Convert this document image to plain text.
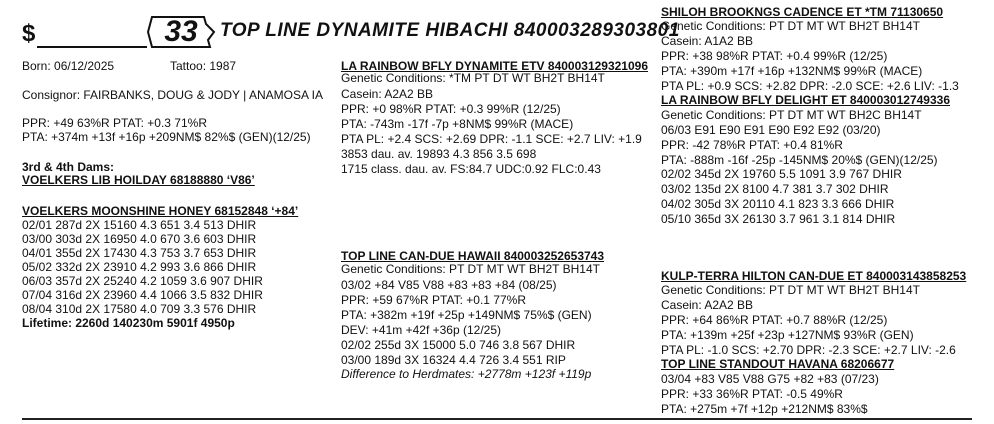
$	33	TOP LINE DYNAMITE HIBACHI 840003289303801
Born: 06/12/2025	Tattoo: 1987
Consignor: FAIRBANKS, DOUG & JODY | ANAMOSA IA
PPR: +49 63%R PTAT: +0.3 71%R
PTA: +374m +13f +16p +209NM$ 82%$ (GEN)(12/25)
3rd & 4th Dams:
VOELKERS LIB HOILDAY 68188880 ‘V86’
VOELKERS MOONSHINE HONEY 68152848 ‘+84’
02/01 287d 2X 15160 4.3 651 3.4 513 DHIR
03/00 303d 2X 16950 4.0 670 3.6 603 DHIR
04/01 355d 2X 17430 4.3 753 3.7 653 DHIR
05/02 332d 2X 23910 4.2 993 3.6 866 DHIR
06/03 357d 2X 25240 4.2 1059 3.6 907 DHIR
07/04 316d 2X 23960 4.4 1066 3.5 832 DHIR
08/04 310d 2X 17580 4.0 709 3.3 576 DHIR
Lifetime: 2260d 140230m 5901f 4950p
LA RAINBOW BFLY DYNAMITE ETV 840003129321096
Genetic Conditions: *TM PT DT WT BH2T BH14T
Casein: A2A2 BB
PPR: +0 98%R PTAT: +0.3 99%R (12/25)
PTA: -743m -17f -7p +8NM$ 99%R (MACE)
PTA PL: +2.4 SCS: +2.69 DPR: -1.1 SCE: +2.7 LIV: +1.9
3853 dau. av. 19893 4.3 856 3.5 698
1715 class. dau. av. FS:84.7 UDC:0.92 FLC:0.43
TOP LINE CAN-DUE HAWAII 840003252653743
Genetic Conditions: PT DT MT WT BH2T BH14T
03/02 +84 V85 V88 +83 +83 +84 (08/25)
PPR: +59 67%R PTAT: +0.1 77%R
PTA: +382m +19f +25p +149NM$ 75%$ (GEN)
DEV: +41m +42f +36p (12/25)
02/02 255d 3X 15000 5.0 746 3.8 567 DHIR
03/00 189d 3X 16324 4.4 726 3.4 551 RIP
Difference to Herdmates: +2778m +123f +119p
SHILOH BROOKNGS CADENCE ET *TM 71130650
Genetic Conditions: PT DT MT WT BH2T BH14T
Casein: A1A2 BB
PPR: +38 98%R PTAT: +0.4 99%R (12/25)
PTA: +390m +17f +16p +132NM$ 99%R (MACE)
PTA PL: +0.9 SCS: +2.82 DPR: -2.0 SCE: +2.6 LIV: -1.3
LA RAINBOW BFLY DELIGHT ET 840003012749336
Genetic Conditions: PT DT MT WT BH2C BH14T
06/03 E91 E90 E91 E90 E92 E92 (03/20)
PPR: -42 78%R PTAT: +0.4 81%R
PTA: -888m -16f -25p -145NM$ 20%$ (GEN)(12/25)
02/02 345d 2X 19760 5.5 1091 3.9 767 DHIR
03/02 135d 2X 8100 4.7 381 3.7 302 DHIR
04/02 305d 3X 20110 4.1 823 3.3 666 DHIR
05/10 365d 3X 26130 3.7 961 3.1 814 DHIR
KULP-TERRA HILTON CAN-DUE ET 840003143858253
Genetic Conditions: PT DT MT WT BH2T BH14T
Casein: A2A2 BB
PPR: +64 86%R PTAT: +0.7 88%R (12/25)
PTA: +139m +25f +23p +127NM$ 93%R (GEN)
PTA PL: -1.0 SCS: +2.70 DPR: -2.3 SCE: +2.7 LIV: -2.6
TOP LINE STANDOUT HAVANA 68206677
03/04 +83 V85 V88 G75 +82 +83 (07/23)
PPR: +33 36%R PTAT: -0.5 49%R
PTA: +275m +7f +12p +212NM$ 83%$
